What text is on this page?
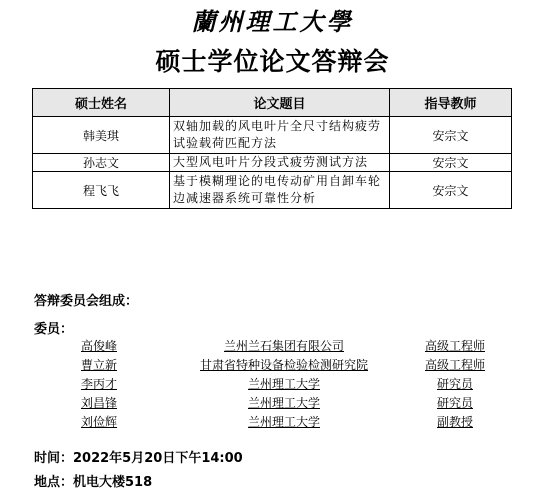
蘭州理工大學
硕士学位论文答辩会
硕士姓名	论文题目	指导教师
韩美琪	双轴加载的风电叶片全尺寸结构疲劳试验载荷匹配方法	安宗文
孙志文	大型风电叶片分段式疲劳测试方法	安宗文
程飞飞	基于模糊理论的电传动矿用自卸车轮边减速器系统可靠性分析	安宗文
答辩委员会组成：
委员：
高俊峰	兰州兰石集团有限公司	高级工程师
曹立新	甘肃省特种设备检验检测研究院	高级工程师
李丙才	兰州理工大学	研究员
刘昌锋	兰州理工大学	研究员
刘俭辉	兰州理工大学	副教授
时间：2022年5月20日下午14:00
地点：机电大楼518
